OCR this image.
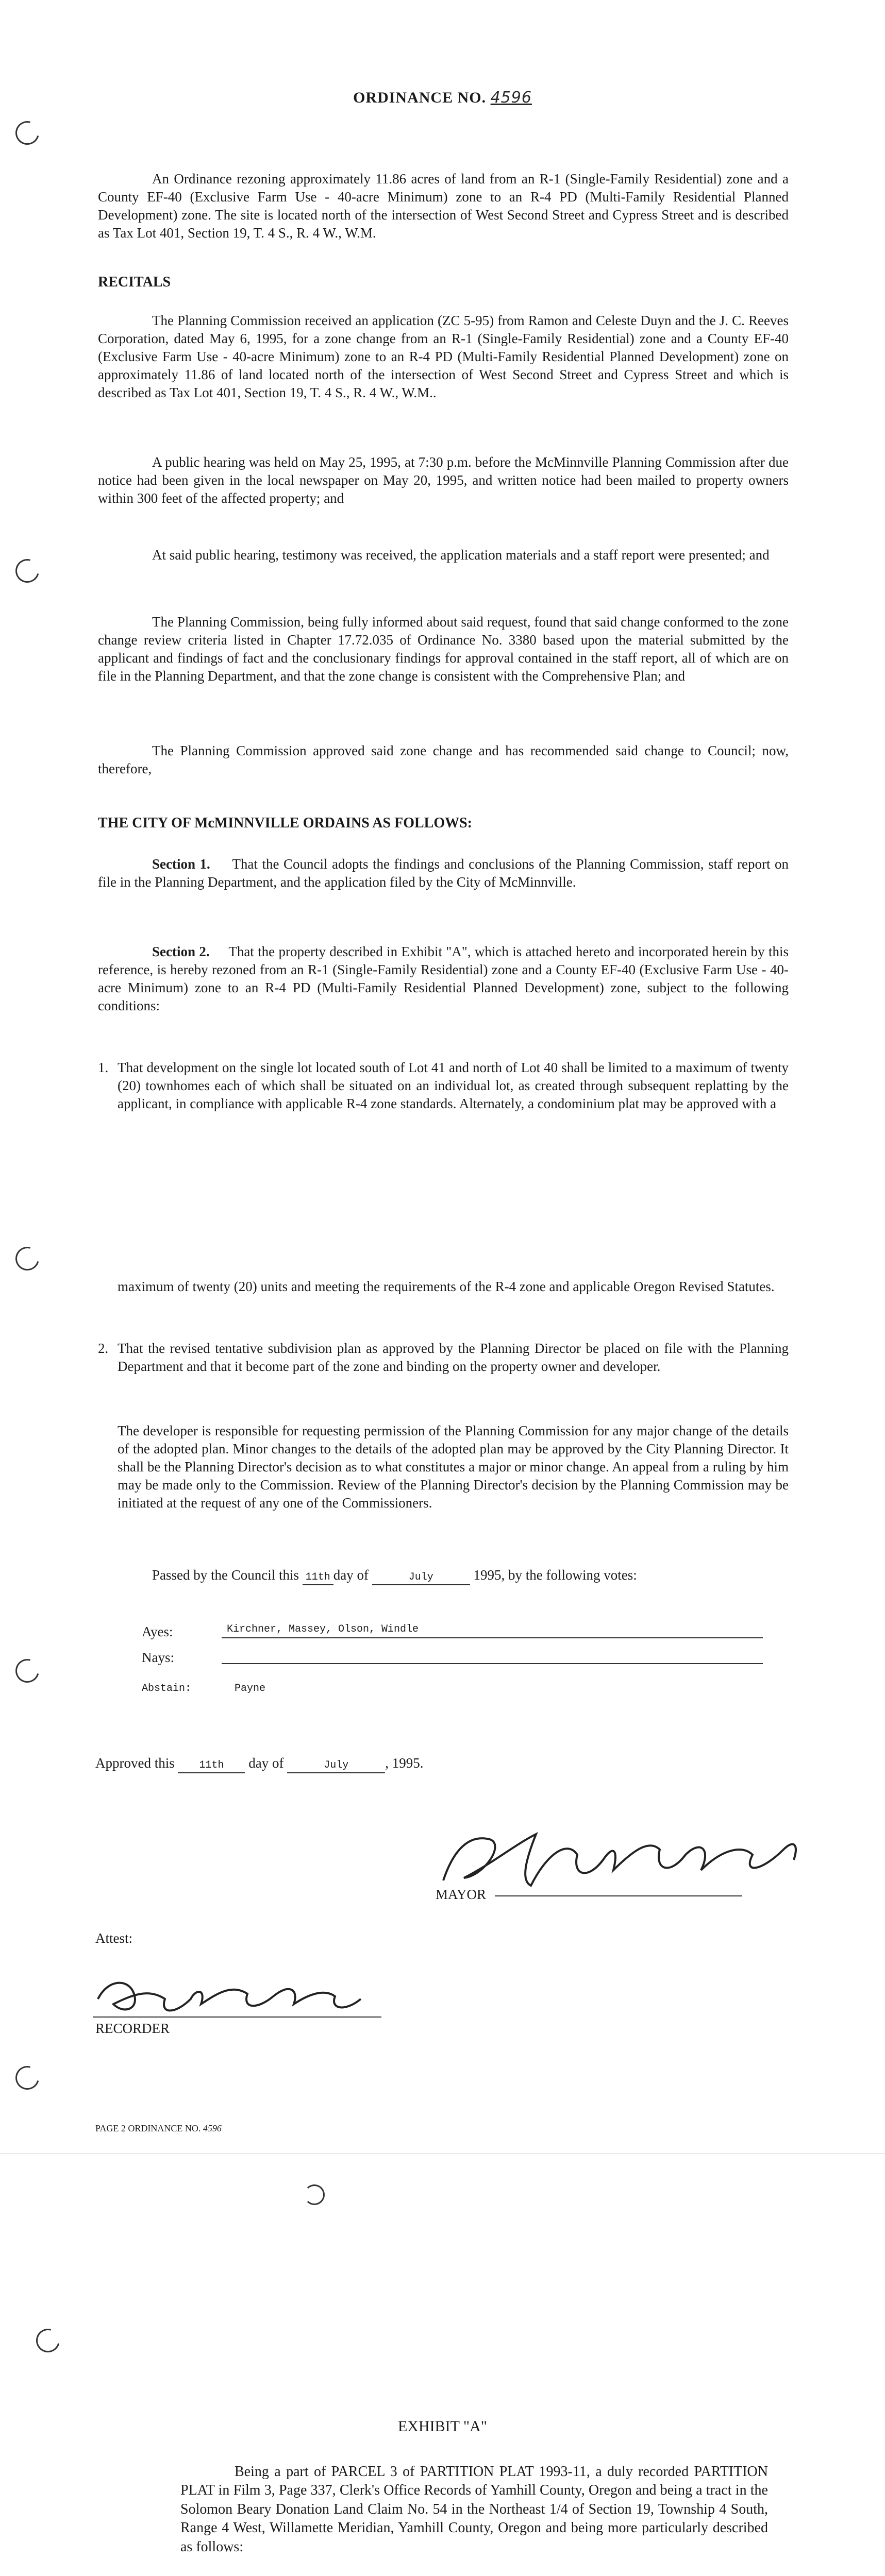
ORDINANCE NO. 4596

An Ordinance rezoning approximately 11.86 acres of land from an R-1 (Single-Family Residential) zone and a County EF-40 (Exclusive Farm Use - 40-acre Minimum) zone to an R-4 PD (Multi-Family Residential Planned Development) zone. The site is located north of the intersection of West Second Street and Cypress Street and is described as Tax Lot 401, Section 19, T. 4 S., R. 4 W., W.M.

RECITALS

The Planning Commission received an application (ZC 5-95) from Ramon and Celeste Duyn and the J. C. Reeves Corporation, dated May 6, 1995, for a zone change from an R-1 (Single-Family Residential) zone and a County EF-40 (Exclusive Farm Use - 40-acre Minimum) zone to an R-4 PD (Multi-Family Residential Planned Development) zone on approximately 11.86 of land located north of the intersection of West Second Street and Cypress Street and which is described as Tax Lot 401, Section 19, T. 4 S., R. 4 W., W.M..

A public hearing was held on May 25, 1995, at 7:30 p.m. before the McMinnville Planning Commission after due notice had been given in the local newspaper on May 20, 1995, and written notice had been mailed to property owners within 300 feet of the affected property; and

At said public hearing, testimony was received, the application materials and a staff report were presented; and

The Planning Commission, being fully informed about said request, found that said change conformed to the zone change review criteria listed in Chapter 17.72.035 of Ordinance No. 3380 based upon the material submitted by the applicant and findings of fact and the conclusionary findings for approval contained in the staff report, all of which are on file in the Planning Department, and that the zone change is consistent with the Comprehensive Plan; and

The Planning Commission approved said zone change and has recommended said change to Council; now, therefore,

THE CITY OF McMINNVILLE ORDAINS AS FOLLOWS:

Section 1. That the Council adopts the findings and conclusions of the Planning Commission, staff report on file in the Planning Department, and the application filed by the City of McMinnville.

Section 2. That the property described in Exhibit "A", which is attached hereto and incorporated herein by this reference, is hereby rezoned from an R-1 (Single-Family Residential) zone and a County EF-40 (Exclusive Farm Use - 40-acre Minimum) zone to an R-4 PD (Multi-Family Residential Planned Development) zone, subject to the following conditions:

1. That development on the single lot located south of Lot 41 and north of Lot 40 shall be limited to a maximum of twenty (20) townhomes each of which shall be situated on an individual lot, as created through subsequent replatting by the applicant, in compliance with applicable R-4 zone standards. Alternately, a condominium plat may be approved with a

maximum of twenty (20) units and meeting the requirements of the R-4 zone and applicable Oregon Revised Statutes.

2. That the revised tentative subdivision plan as approved by the Planning Director be placed on file with the Planning Department and that it become part of the zone and binding on the property owner and developer.

The developer is responsible for requesting permission of the Planning Commission for any major change of the details of the adopted plan. Minor changes to the details of the adopted plan may be approved by the City Planning Director. It shall be the Planning Director's decision as to what constitutes a major or minor change. An appeal from a ruling by him may be made only to the Commission. Review of the Planning Director's decision by the Planning Commission may be initiated at the request of any one of the Commissioners.

Passed by the Council this 11th day of	July	1995, by the following votes:
Ayes:	Kirchner, Massey, Olson, Windle
Nays:
Abstain:	Payne
Approved this 11th day of	July	, 1995.
MAYOR
Attest:
RECORDER
PAGE 2 ORDINANCE NO. 4596
EXHIBIT "A"

Being a part of PARCEL 3 of PARTITION PLAT 1993-11, a duly recorded PARTITION PLAT in Film 3, Page 337, Clerk's Office Records of Yamhill County, Oregon and being a tract in the Solomon Beary Donation Land Claim No. 54 in the Northeast 1/4 of Section 19, Township 4 South, Range 4 West, Willamette Meridian, Yamhill County, Oregon and being more particularly described as follows:
